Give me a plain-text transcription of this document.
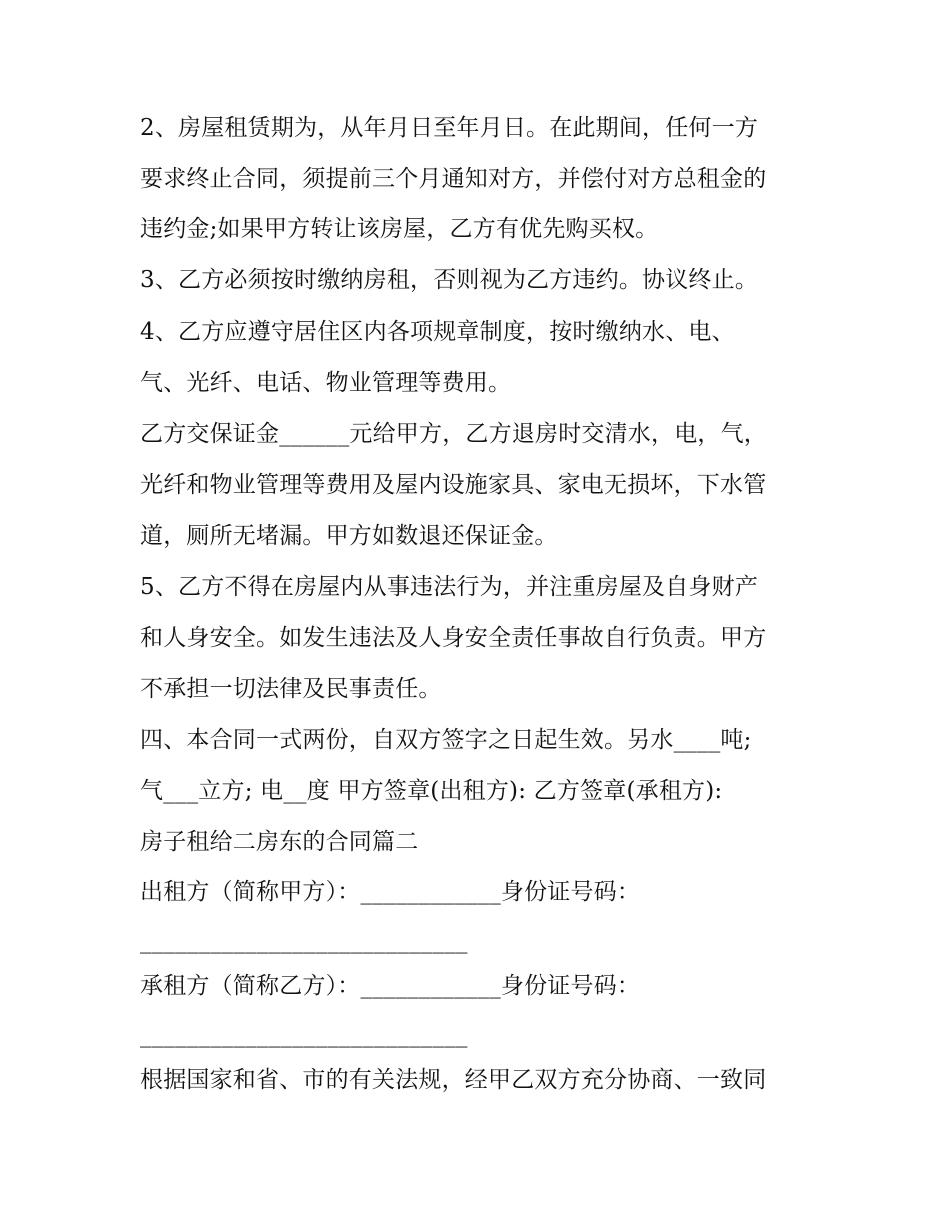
2、房屋租赁期为，从年月日至年月日。在此期间，任何一方
要求终止合同，须提前三个月通知对方，并偿付对方总租金的
违约金;如果甲方转让该房屋，乙方有优先购买权。
3、乙方必须按时缴纳房租，否则视为乙方违约。协议终止。
4、乙方应遵守居住区内各项规章制度，按时缴纳水、电、
气、光纤、电话、物业管理等费用。
乙方交保证金______元给甲方，乙方退房时交清水，电，气，
光纤和物业管理等费用及屋内设施家具、家电无损坏，下水管
道，厕所无堵漏。甲方如数退还保证金。
5、乙方不得在房屋内从事违法行为，并注重房屋及自身财产
和人身安全。如发生违法及人身安全责任事故自行负责。甲方
不承担一切法律及民事责任。
四、本合同一式两份，自双方签字之日起生效。另水____吨;
气___立方; 电__度 甲方签章(出租方): 乙方签章(承租方):
房子租给二房东的合同篇二
出租方（简称甲方）：____________身份证号码：
____________________________
承租方（简称乙方）：____________身份证号码：
____________________________
根据国家和省、市的有关法规，经甲乙双方充分协商、一致同
